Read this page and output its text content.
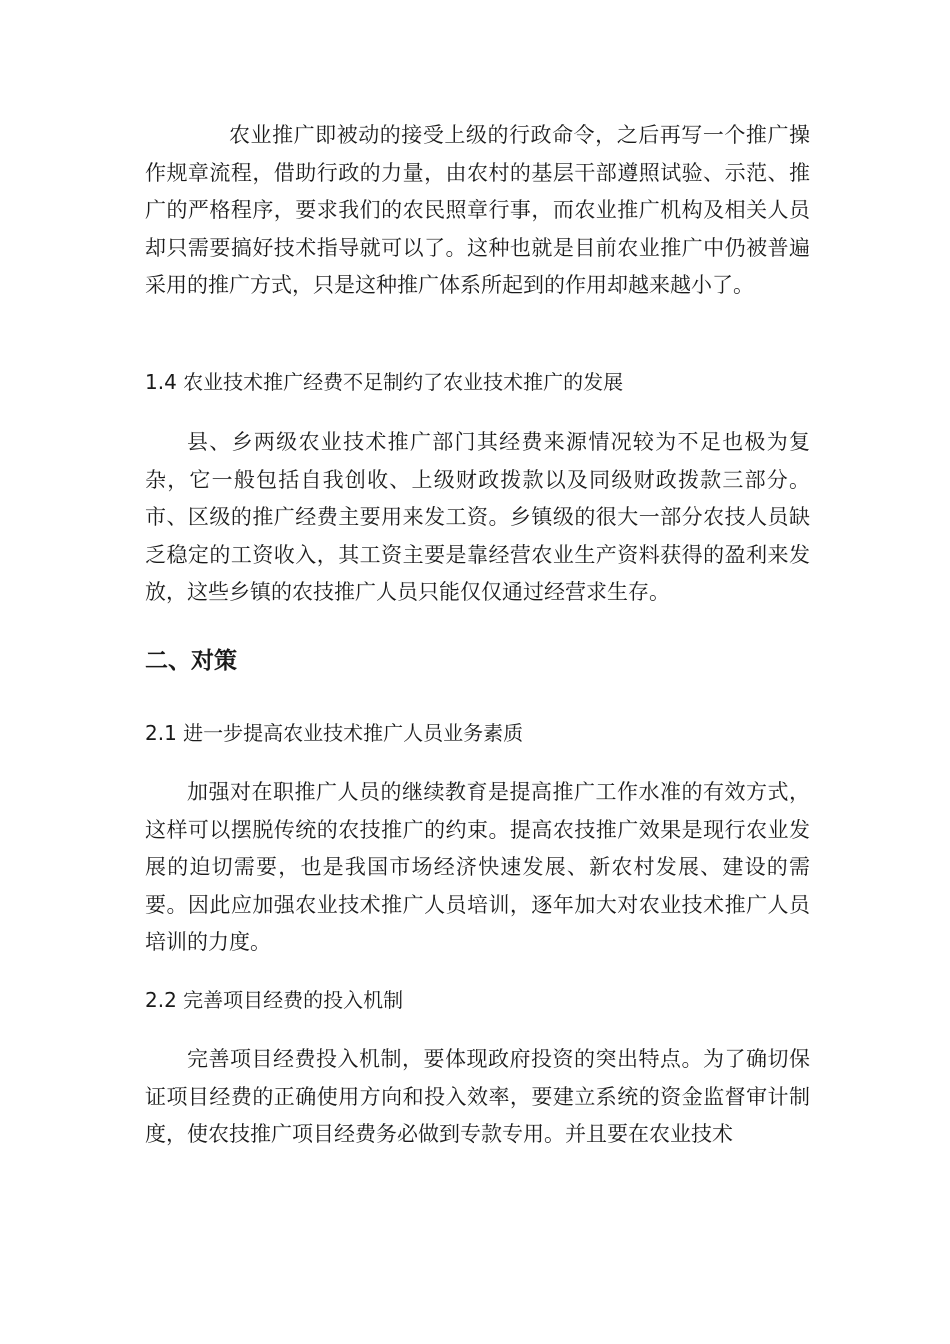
农业推广即被动的接受上级的行政命令，之后再写一个推广操作规章流程，借助行政的力量，由农村的基层干部遵照试验、示范、推广的严格程序，要求我们的农民照章行事，而农业推广机构及相关人员却只需要搞好技术指导就可以了。这种也就是目前农业推广中仍被普遍采用的推广方式，只是这种推广体系所起到的作用却越来越小了。

1.4 农业技术推广经费不足制约了农业技术推广的发展

县、乡两级农业技术推广部门其经费来源情况较为不足也极为复杂，它一般包括自我创收、上级财政拨款以及同级财政拨款三部分。市、区级的推广经费主要用来发工资。乡镇级的很大一部分农技人员缺乏稳定的工资收入，其工资主要是靠经营农业生产资料获得的盈利来发放，这些乡镇的农技推广人员只能仅仅通过经营求生存。

二、对策
2.1 进一步提高农业技术推广人员业务素质

加强对在职推广人员的继续教育是提高推广工作水准的有效方式，这样可以摆脱传统的农技推广的约束。提高农技推广效果是现行农业发展的迫切需要，也是我国市场经济快速发展、新农村发展、建设的需要。因此应加强农业技术推广人员培训，逐年加大对农业技术推广人员培训的力度。

2.2 完善项目经费的投入机制

完善项目经费投入机制，要体现政府投资的突出特点。为了确切保证项目经费的正确使用方向和投入效率，要建立系统的资金监督审计制度，使农技推广项目经费务必做到专款专用。并且要在农业技术
